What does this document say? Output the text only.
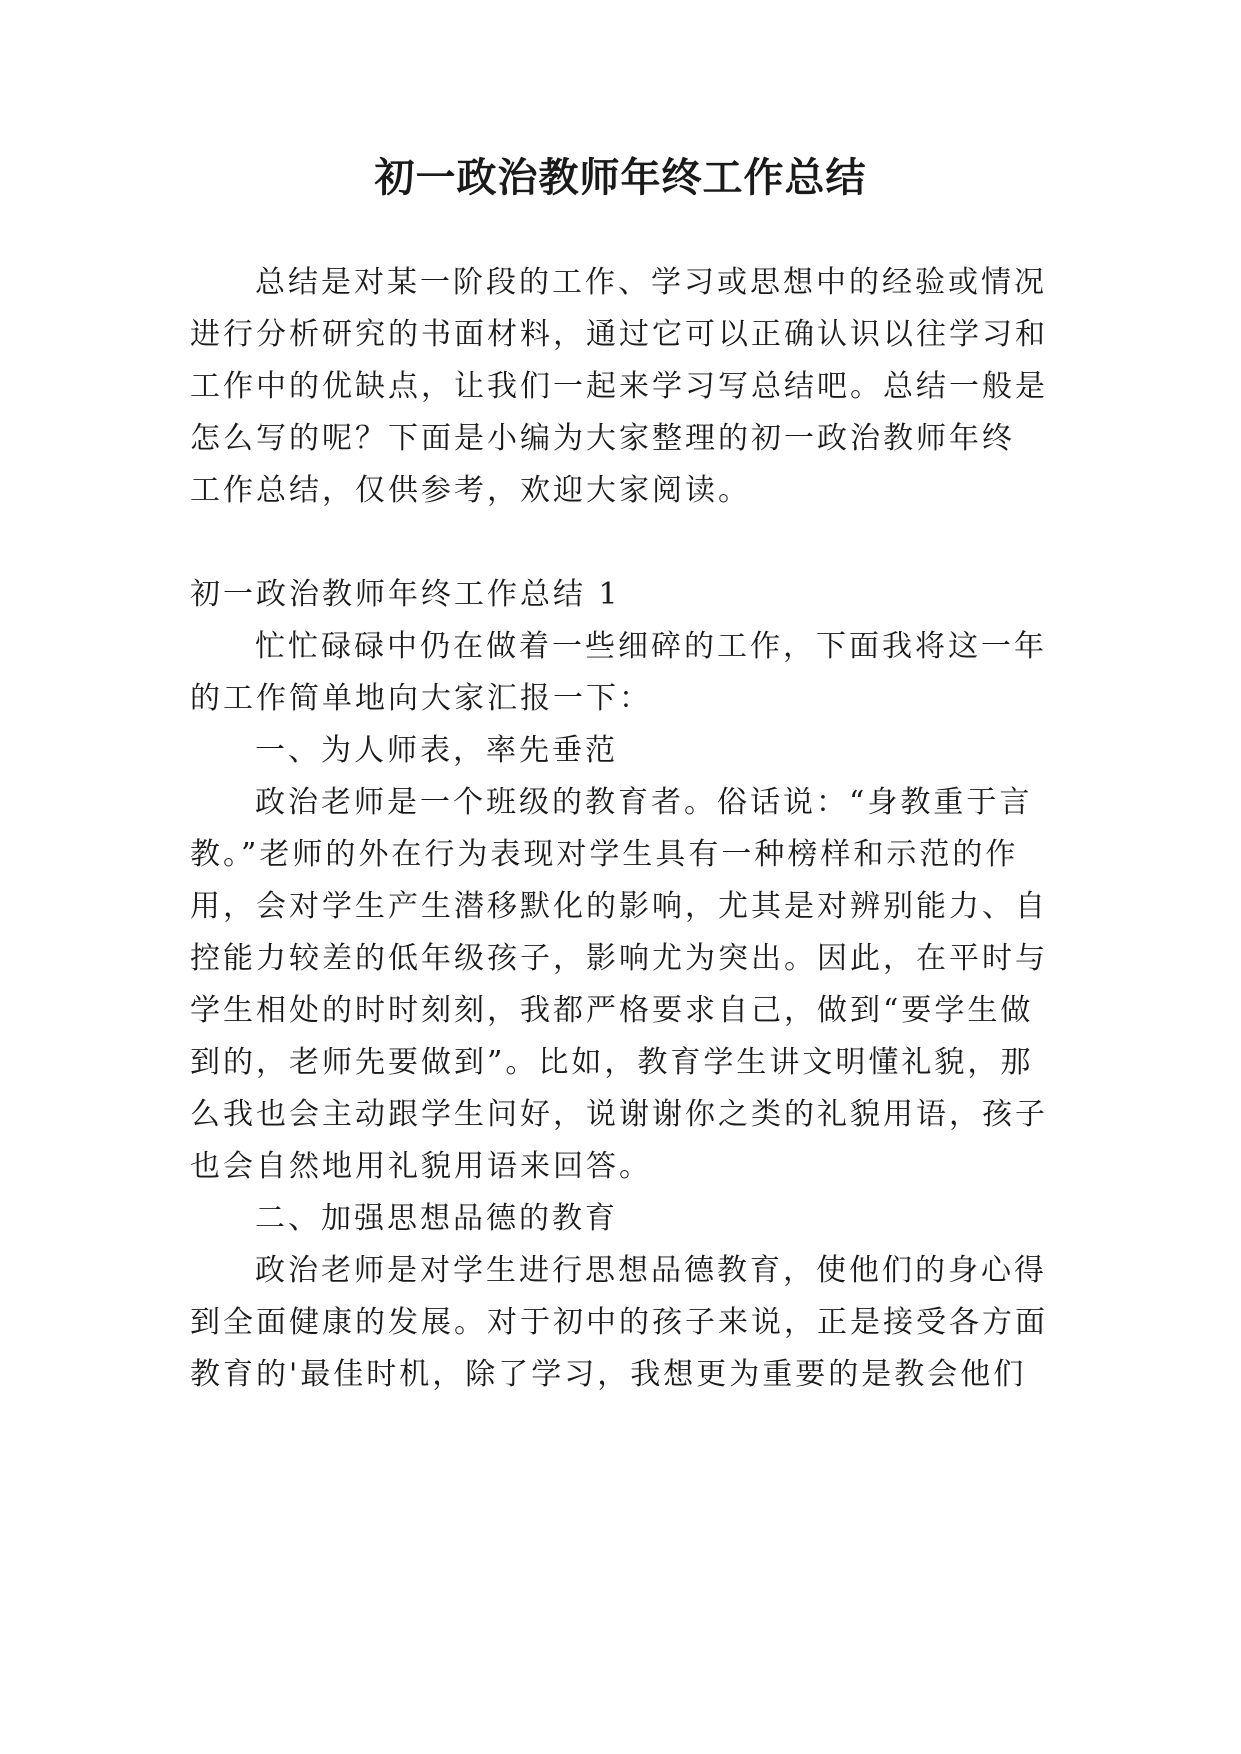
初一政治教师年终工作总结
总结是对某一阶段的工作、学习或思想中的经验或情况
进行分析研究的书面材料，通过它可以正确认识以往学习和
工作中的优缺点，让我们一起来学习写总结吧。总结一般是
怎么写的呢？下面是小编为大家整理的初一政治教师年终
工作总结，仅供参考，欢迎大家阅读。
初一政治教师年终工作总结 1
忙忙碌碌中仍在做着一些细碎的工作，下面我将这一年
的工作简单地向大家汇报一下：
一、为人师表，率先垂范
政治老师是一个班级的教育者。俗话说：“身教重于言
教。”老师的外在行为表现对学生具有一种榜样和示范的作
用，会对学生产生潜移默化的影响，尤其是对辨别能力、自
控能力较差的低年级孩子，影响尤为突出。因此，在平时与
学生相处的时时刻刻，我都严格要求自己，做到“要学生做
到的，老师先要做到”。比如，教育学生讲文明懂礼貌，那
么我也会主动跟学生问好，说谢谢你之类的礼貌用语，孩子
也会自然地用礼貌用语来回答。
二、加强思想品德的教育
政治老师是对学生进行思想品德教育，使他们的身心得
到全面健康的发展。对于初中的孩子来说，正是接受各方面
教育的'最佳时机，除了学习，我想更为重要的是教会他们
